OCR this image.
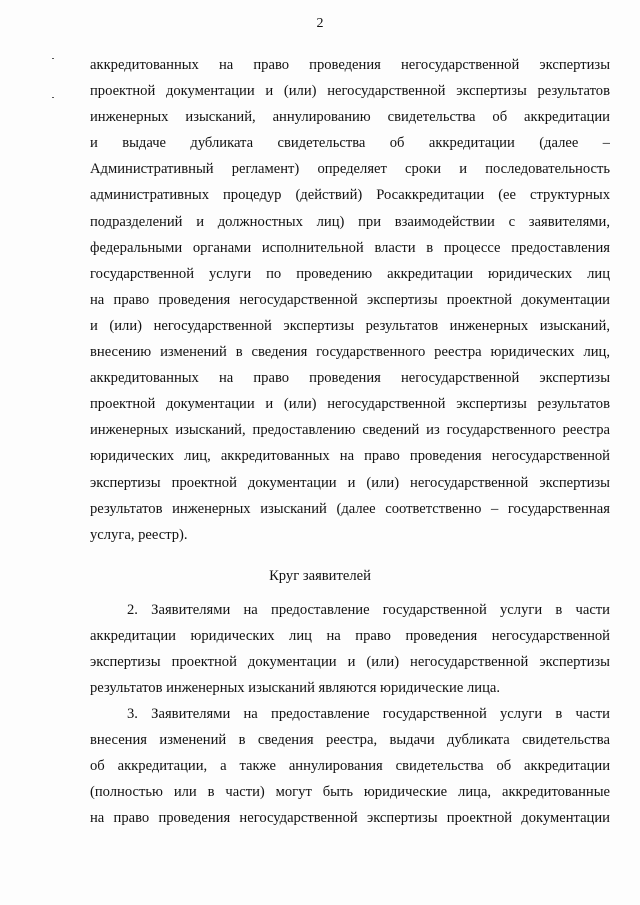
2
аккредитованных на право проведения негосударственной экспертизы
проектной документации и (или) негосударственной экспертизы результатов
инженерных изысканий, аннулированию свидетельства об аккредитации
и выдаче дубликата свидетельства об аккредитации (далее –
Административный регламент) определяет сроки и последовательность
административных процедур (действий) Росаккредитации (ее структурных
подразделений и должностных лиц) при взаимодействии с заявителями,
федеральными органами исполнительной власти в процессе предоставления
государственной услуги по проведению аккредитации юридических лиц
на право проведения негосударственной экспертизы проектной документации
и (или) негосударственной экспертизы результатов инженерных изысканий,
внесению изменений в сведения государственного реестра юридических лиц,
аккредитованных на право проведения негосударственной экспертизы
проектной документации и (или) негосударственной экспертизы результатов
инженерных изысканий, предоставлению сведений из государственного реестра
юридических лиц, аккредитованных на право проведения негосударственной
экспертизы проектной документации и (или) негосударственной экспертизы
результатов инженерных изысканий (далее соответственно – государственная
услуга, реестр).
Круг заявителей
2. Заявителями на предоставление государственной услуги в части
аккредитации юридических лиц на право проведения негосударственной
экспертизы проектной документации и (или) негосударственной экспертизы
результатов инженерных изысканий являются юридические лица.
3. Заявителями на предоставление государственной услуги в части
внесения изменений в сведения реестра, выдачи дубликата свидетельства
об аккредитации, а также аннулирования свидетельства об аккредитации
(полностью или в части) могут быть юридические лица, аккредитованные
на право проведения негосударственной экспертизы проектной документации
